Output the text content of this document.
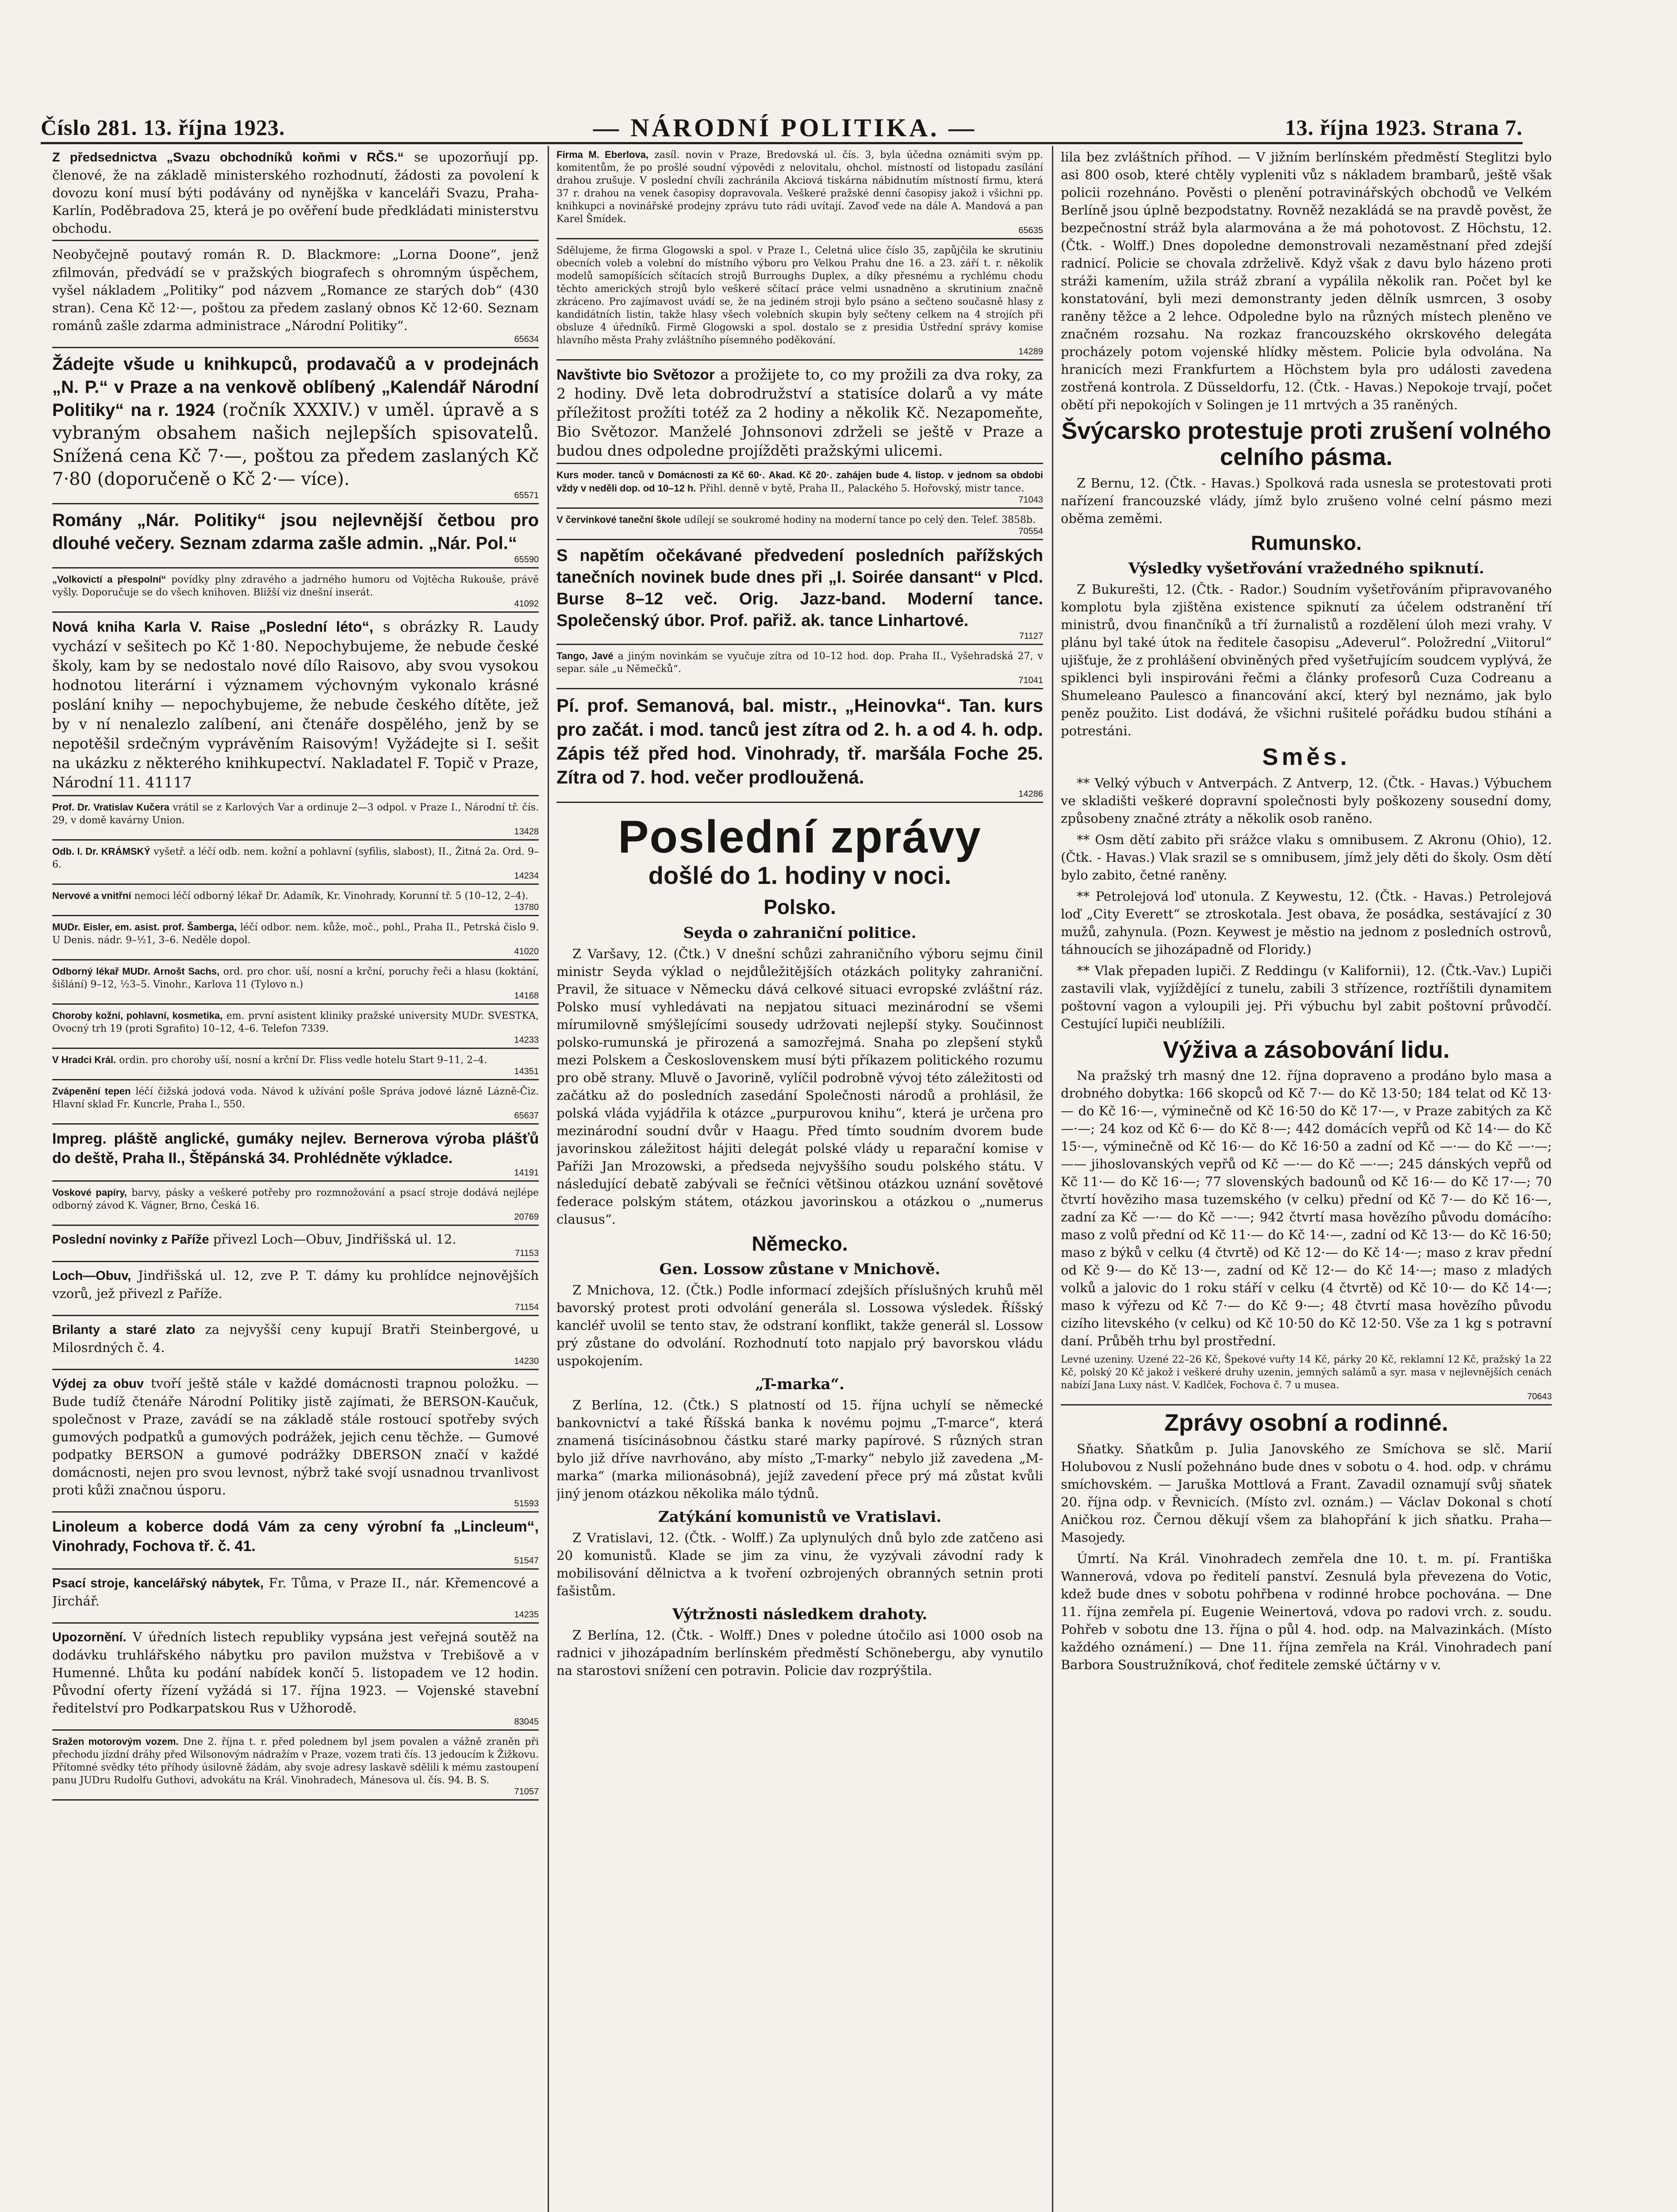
Číslo 281. 13. října 1923.	— NÁRODNÍ POLITIKA. —	13. října 1923. Strana 7.
Z předsednictva „Svazu obchodníků koňmi v RČS.“ se upozorňují pp. členové, že na základě ministerského rozhodnutí, žádosti za povolení k dovozu koní musí býti podávány od nynějška v kanceláři Svazu, Praha-Karlín, Poděbradova 25, která je po ověření bude předkládati ministerstvu obchodu.
Neobyčejně poutavý román R. D. Blackmore: „Lorna Doone“, jenž zfilmován, předvádí se v pražských biografech s ohromným úspěchem, vyšel nákladem „Politiky“ pod názvem „Romance ze starých dob“ (430 stran). Cena Kč 12·—, poštou za předem zaslaný obnos Kč 12·60. Seznam románů zašle zdarma administrace „Národní Politiky“.
65634
Žádejte všude u knihkupců, prodavačů a v prodejnách „N. P.“ v Praze a na venkově oblíbený „Kalendář Národní Politiky“ na r. 1924 (ročník XXXIV.) v uměl. úpravě a s vybraným obsahem našich nejlepších spisovatelů. Snížená cena Kč 7·—, poštou za předem zaslaných Kč 7·80 (doporučeně o Kč 2·— více).
65571
Romány „Nár. Politiky“ jsou nejlevnější četbou pro dlouhé večery. Seznam zdarma zašle admin. „Nár. Pol.“
65590
„Volkovictí a přespolní“ povídky plny zdravého a jadrného humoru od Vojtěcha Rukouše, právě vyšly. Doporučuje se do všech knihoven. Bližší viz dnešní inserát.
41092
Nová kniha Karla V. Raise „Poslední léto“, s obrázky R. Laudy vychází v sešitech po Kč 1·80. Nepochybujeme, že nebude české školy, kam by se nedostalo nové dílo Raisovo, aby svou vysokou hodnotou literární i významem výchovným vykonalo krásné poslání knihy — nepochybujeme, že nebude českého dítěte, jež by v ní nenalezlo zalíbení, ani čtenáře dospělého, jenž by se nepotěšil srdečným vyprávěním Raisovým! Vyžádejte si I. sešit na ukázku z některého knihkupectví. Nakladatel F. Topič v Praze, Národní 11. 41117
Prof. Dr. Vratislav Kučera vrátil se z Karlových Var a ordinuje 2—3 odpol. v Praze I., Národní tř. čís. 29, v domě kavárny Union.
13428
Odb. l. Dr. KRÁMSKÝ vyšetř. a léčí odb. nem. kožní a pohlavní (syfilis, slabost), II., Žitná 2a. Ord. 9–6.
14234
Nervové a vnitřní nemoci léčí odborný lékař Dr. Adamík, Kr. Vinohrady, Korunní tř. 5 (10–12, 2–4).
13780
MUDr. Eisler, em. asist. prof. Šamberga, léčí odbor. nem. kůže, moč., pohl., Praha II., Petrská čislo 9. U Denis. nádr. 9–½1, 3–6. Neděle dopol.
41020
Odborný lékař MUDr. Arnošt Sachs, ord. pro chor. uší, nosní a krční, poruchy řeči a hlasu (koktání, šišlání) 9–12, ½3–5. Vinohr., Karlova 11 (Tylovo n.)
14168
Choroby kožní, pohlavní, kosmetika, em. první asistent kliniky pražské university MUDr. SVESTKA, Ovocný trh 19 (proti Sgrafito) 10–12, 4–6. Telefon 7339.
14233
V Hradci Král. ordin. pro choroby uší, nosní a krční Dr. Fliss vedle hotelu Start 9–11, 2–4.
14351
Zvápenění tepen léčí čižská jodová voda. Návod k užívání pošle Správa jodové lázně Lázně-Čiz. Hlavní sklad Fr. Kuncrle, Praha I., 550.
65637
Impreg. pláště anglické, gumáky nejlev. Bernerova výroba plášťů do deště, Praha II., Štěpánská 34. Prohlédněte výkladce.
14191
Voskové papíry, barvy, pásky a veškeré potřeby pro rozmnožování a psací stroje dodává nejlépe odborný závod K. Vágner, Brno, Česká 16.
20769
Poslední novinky z Paříže přivezl Loch—Obuv, Jindřišská ul. 12.
71153
Loch—Obuv, Jindřišská ul. 12, zve P. T. dámy ku prohlídce nejnovějších vzorů, jež přivezl z Paříže.
71154
Brilanty a staré zlato za nejvyšší ceny kupují Bratři Steinbergové, u Milosrdných č. 4.
14230
Výdej za obuv tvoří ještě stále v každé domácnosti trapnou položku. — Bude tudíž čtenáře Národní Politiky jistě zajímati, že BERSON-Kaučuk, společnost v Praze, zavádí se na základě stále rostoucí spotřeby svých gumových podpatků a gumových podrážek, jejich cenu těchže. — Gumové podpatky BERSON a gumové podrážky DBERSON značí v každé domácnosti, nejen pro svou levnost, nýbrž také svojí usnadnou trvanlivost proti kůži značnou úsporu.
51593
Linoleum a koberce dodá Vám za ceny výrobní fa „Lincleum“, Vinohrady, Fochova tř. č. 41.
51547
Psací stroje, kancelářský nábytek, Fr. Tůma, v Praze II., nár. Křemencové a Jirchář.
14235
Upozornění. V úředních listech republiky vypsána jest veřejná soutěž na dodávku truhlářského nábytku pro pavilon mužstva v Trebišově a v Humenné. Lhůta ku podání nabídek končí 5. listopadem ve 12 hodin. Původní oferty řízení vyžádá si 17. října 1923. — Vojenské stavební ředitelství pro Podkarpatskou Rus v Užhorodě.
83045
Sražen motorovým vozem. Dne 2. října t. r. před polednem byl jsem povalen a vážně zraněn při přechodu jízdní dráhy před Wilsonovým nádražím v Praze, vozem trati čís. 13 jedoucím k Žižkovu. Přítomné svědky této příhody úsilovně žádám, aby svoje adresy laskavě sdělili k mému zastoupení panu JUDru Rudolfu Guthovi, advokátu na Král. Vinohradech, Mánesova ul. čís. 94. B. S.
71057
Firma M. Eberlova, zasíl. novin v Praze, Bredovská ul. čís. 3, byla účedna oznámiti svým pp. komitentům, že po prošlé soudní výpovědi z nelovitalu, ohchol. místností od listopadu zasílání drahou zrušuje. V poslední chvíli zachránila Akciová tiskárna nábidnutím místností firmu, která 37 r. drahou na venek časopisy dopravovala. Veškeré pražské denní časopisy jakož i všichni pp. knihkupci a novinářské prodejny zprávu tuto rádi uvítají. Zavoď vede na dále A. Mandová a pan Karel Šmídek.
65635
Sdělujeme, že firma Glogowski a spol. v Praze I., Celetná ulice číslo 35, zapůjčila ke skrutiniu obecních voleb a volební do místního výboru pro Velkou Prahu dne 16. a 23. září t. r. několik modelů samopíšících sčítacích strojů Burroughs Duplex, a díky přesnému a rychlému chodu těchto amerických strojů bylo veškeré sčítací práce velmi usnadněno a skrutinium značně zkráceno. Pro zajímavost uvádí se, že na jediném stroji bylo psáno a sečteno současně hlasy z kandidátních listin, takže hlasy všech volebních skupin byly sečteny celkem na 4 strojích při obsluze 4 úředníků. Firmě Glogowski a spol. dostalo se z presidia Ústřední správy komise hlavního města Prahy zvláštního písemného poděkování.
14289
Navštivte bio Světozor a prožijete to, co my prožili za dva roky, za 2 hodiny. Dvě leta dobrodružství a statisíce dolarů a vy máte příležitost prožíti totéž za 2 hodiny a několik Kč. Nezapomeňte, Bio Světozor. Manželé Johnsonovi zdrželi se ještě v Praze a budou dnes odpoledne projížděti pražskými ulicemi.
Kurs moder. tanců v Domácnosti za Kč 60·. Akad. Kč 20·. zahájen bude 4. listop. v jednom sa obdobi vždy v neděli dop. od 10–12 h. Přihl. denně v bytě, Praha II., Palackého 5. Hořovský, mistr tance.
71043
V červinkové taneční škole udílejí se soukromé hodiny na moderní tance po celý den. Telef. 3858b.
70554
S napětím očekávané předvedení posledních pařížských tanečních novinek bude dnes při „I. Soirée dansant“ v Plcd. Burse 8–12 več. Orig. Jazz-band. Moderní tance. Společenský úbor. Prof. pařiž. ak. tance Linhartové.
71127
Tango, Javé a jiným novinkám se vyučuje zítra od 10–12 hod. dop. Praha II., Vyšehradská 27, v separ. sále „u Němečků“.
71041
Pí. prof. Semanová, bal. mistr., „Heinovka“. Tan. kurs pro začát. i mod. tanců jest zítra od 2. h. a od 4. h. odp. Zápis též před hod. Vinohrady, tř. maršála Foche 25. Zítra od 7. hod. večer prodloužená.
14286
Poslední zprávy
došlé do 1. hodiny v noci.
Polsko.
Seyda o zahraniční politice.

Z Varšavy, 12. (Čtk.) V dnešní schůzi zahraničního výboru sejmu činil ministr Seyda výklad o nejdůležitějších otázkách polityky zahraniční. Pravil, že situace v Německu dává celkové situaci evropské zvláštní ráz. Polsko musí vyhledávati na nepjatou situaci mezinárodní se všemi mírumilovně smýšlejícími sousedy udržovati nejlepší styky. Součinnost polsko-rumunská je přirozená a samozřejmá. Snaha po zlepšení styků mezi Polskem a Československem musí býti příkazem politického rozumu pro obě strany. Mluvě o Javorině, vylíčil podrobně vývoj této záležitosti od začátku až do posledních zasedání Společnosti národů a prohlásil, že polská vláda vyjádřila k otázce „purpurovou knihu“, která je určena pro mezinárodní soudní dvůr v Haagu. Před tímto soudním dvorem bude javorinskou záležitost hájiti delegát polské vlády u reparační komise v Paříži Jan Mrozowski, a předseda nejvyššího soudu polského státu. V následující debatě zabývali se řečníci většinou otázkou uznání sovětové federace polským státem, otázkou javorinskou a otázkou o „numerus clausus“.

Německo.
Gen. Lossow zůstane v Mnichově.

Z Mnichova, 12. (Čtk.) Podle informací zdejších příslušných kruhů měl bavorský protest proti odvolání generála sl. Lossowa výsledek. Říšský kancléř uvolil se tento stav, že odstraní konflikt, takže generál sl. Lossow prý zůstane do odvolání. Rozhodnutí toto napjalo prý bavorskou vládu uspokojením.

„T-marka“.

Z Berlína, 12. (Čtk.) S platností od 15. října uchylí se německé bankovnictví a také Říšská banka k novému pojmu „T-marce“, která znamená tisícinásobnou částku staré marky papírové. S různých stran bylo již dříve navrhováno, aby místo „T-marky“ nebylo již zavedena „M-marka“ (marka milionásobná), jejíž zavedení přece prý má zůstat kvůli jiný jenom otázkou několika málo týdnů.

Zatýkání komunistů ve Vratislavi.

Z Vratislavi, 12. (Čtk. - Wolff.) Za uplynulých dnů bylo zde zatčeno asi 20 komunistů. Klade se jim za vinu, že vyzývali závodní rady k mobilisování dělnictva a k tvoření ozbrojených obranných setnin proti fašistům.

Výtržnosti následkem drahoty.

Z Berlína, 12. (Čtk. - Wolff.) Dnes v poledne útočilo asi 1000 osob na radnici v jihozápadním berlínském předměstí Schönebergu, aby vynutilo na starostovi snížení cen potravin. Policie dav rozprýštila.

lila bez zvláštních příhod. — V jižním berlínském předměstí Steglitzi bylo asi 800 osob, které chtěly vypleniti vůz s nákladem brambarů, ještě však policii rozehnáno. Pověsti o plenění potravinářských obchodů ve Velkém Berlíně jsou úplně bezpodstatny. Rovněž nezakládá se na pravdě pověst, že bezpečnostní stráž byla alarmována a že má pohotovost. Z Höchstu, 12. (Čtk. - Wolff.) Dnes dopoledne demonstrovali nezaměstnaní před zdejší radnicí. Policie se chovala zdrželivě. Když však z davu bylo házeno proti stráži kamením, užila stráž zbraní a vypálila několik ran. Počet byl ke konstatování, byli mezi demonstranty jeden dělník usmrcen, 3 osoby raněny těžce a 2 lehce. Odpoledne bylo na různých místech pleněno ve značném rozsahu. Na rozkaz francouzského okrskového delegáta procházely potom vojenské hlídky městem. Policie byla odvolána. Na hranicích mezi Frankfurtem a Höchstem byla pro události zavedena zostřená kontrola. Z Düsseldorfu, 12. (Čtk. - Havas.) Nepokoje trvají, počet obětí při nepokojích v Solingen je 11 mrtvých a 35 raněných.

Švýcarsko protestuje proti zrušení volného celního pásma.

Z Bernu, 12. (Čtk. - Havas.) Spolková rada usnesla se protestovati proti nařízení francouzské vlády, jímž bylo zrušeno volné celní pásmo mezi oběma zeměmi.

Rumunsko.
Výsledky vyšetřování vražedného spiknutí.

Z Bukurešti, 12. (Čtk. - Rador.) Soudním vyšetřováním připravovaného komplotu byla zjištěna existence spiknutí za účelem odstranění tří ministrů, dvou finančníků a tří žurnalistů a rozdělení úloh mezi vrahy. V plánu byl také útok na ředitele časopisu „Adeverul“. Položrední „Viitorul“ ujišťuje, že z prohlášení obviněných před vyšetřujícím soudcem vyplývá, že spiklenci byli inspirováni řečmi a články profesorů Cuza Codreanu a Shumeleano Paulesco a financování akcí, který byl neznámo, jak bylo peněz použito. List dodává, že všichni rušitelé pořádku budou stíháni a potrestáni.

Směs.

** Velký výbuch v Antverpách. Z Antverp, 12. (Čtk. - Havas.) Výbuchem ve skladišti veškeré dopravní společnosti byly poškozeny sousední domy, způsobeny značné ztráty a několik osob raněno.

** Osm dětí zabito při srážce vlaku s omnibusem. Z Akronu (Ohio), 12. (Čtk. - Havas.) Vlak srazil se s omnibusem, jímž jely děti do školy. Osm dětí bylo zabito, četné raněny.

** Petrolejová loď utonula. Z Keywestu, 12. (Čtk. - Havas.) Petrolejová loď „City Everett“ se ztroskotala. Jest obava, že posádka, sestávající z 30 mužů, zahynula. (Pozn. Keywest je městio na jednom z posledních ostrovů, táhnoucích se jihozápadně od Floridy.)

** Vlak přepaden lupiči. Z Reddingu (v Kalifornii), 12. (Čtk.-Vav.) Lupiči zastavili vlak, vyjíždějící z tunelu, zabili 3 střízence, roztříštili dynamitem poštovní vagon a vyloupili jej. Při výbuchu byl zabit poštovní průvodčí. Cestující lupiči neublížili.

Výživa a zásobování lidu.

Na pražský trh masný dne 12. října dopraveno a prodáno bylo masa a drobného dobytka: 166 skopců od Kč 7·— do Kč 13·50; 184 telat od Kč 13·— do Kč 16·—, výminečně od Kč 16·50 do Kč 17·—, v Praze zabitých za Kč —·—; 24 koz od Kč 6·— do Kč 8·—; 442 domácích vepřů od Kč 14·— do Kč 15·—, výminečně od Kč 16·— do Kč 16·50 a zadní od Kč —·— do Kč —·—; —— jihoslovanských vepřů od Kč —·— do Kč —·—; 245 dánských vepřů od Kč 11·— do Kč 16·—; 77 slovenských badounů od Kč 16·— do Kč 17·—; 70 čtvrtí hověziho masa tuzemského (v celku) přední od Kč 7·— do Kč 16·—, zadní za Kč —·— do Kč —·—; 942 čtvrtí masa hovězího původu domácího: maso z volů přední od Kč 11·— do Kč 14·—, zadní od Kč 13·— do Kč 16·50; maso z býků v celku (4 čtvrtě) od Kč 12·— do Kč 14·—; maso z krav přední od Kč 9·— do Kč 13·—, zadní od Kč 12·— do Kč 14·—; maso z mladých volků a jalovic do 1 roku stáří v celku (4 čtvrtě) od Kč 10·— do Kč 14·—; maso k výřezu od Kč 7·— do Kč 9·—; 48 čtvrtí masa hovězího původu cizího litevského (v celku) od Kč 10·50 do Kč 12·50. Vše za 1 kg s potravní daní. Průběh trhu byl prostřední.

Levné uzeniny. Uzené 22–26 Kč, Špekové vuřty 14 Kč, párky 20 Kč, reklamní 12 Kč, pražský 1a 22 Kč, polský 20 Kč jakož i veškeré druhy uzenin, jemných salámů a syr. masa v nejlevnějších cenách nabízí Jana Luxy nást. V. Kadlček, Fochova č. 7 u musea.
70643
Zprávy osobní a rodinné.

Sňatky. Sňatkům p. Julia Janovského ze Smíchova se slč. Marií Holubovou z Nuslí požehnáno bude dnes v sobotu o 4. hod. odp. v chrámu smíchovském. — Jaruška Mottlová a Frant. Zavadil oznamují svůj sňatek 20. října odp. v Řevnicích. (Místo zvl. oznám.) — Václav Dokonal s chotí Aničkou roz. Černou děkují všem za blahopřání k jich sňatku. Praha—Masojedy.

Úmrtí. Na Král. Vinohradech zemřela dne 10. t. m. pí. Františka Wannerová, vdova po ředitelí panství. Zesnulá byla převezena do Votic, kdež bude dnes v sobotu pohřbena v rodinné hrobce pochována. — Dne 11. října zemřela pí. Eugenie Weinertová, vdova po radovi vrch. z. soudu. Pohřeb v sobotu dne 13. října o půl 4. hod. odp. na Malvazinkách. (Místo každého oznámení.) — Dne 11. října zemřela na Král. Vinohradech paní Barbora Soustružníková, choť ředitele zemské účtárny v v.
